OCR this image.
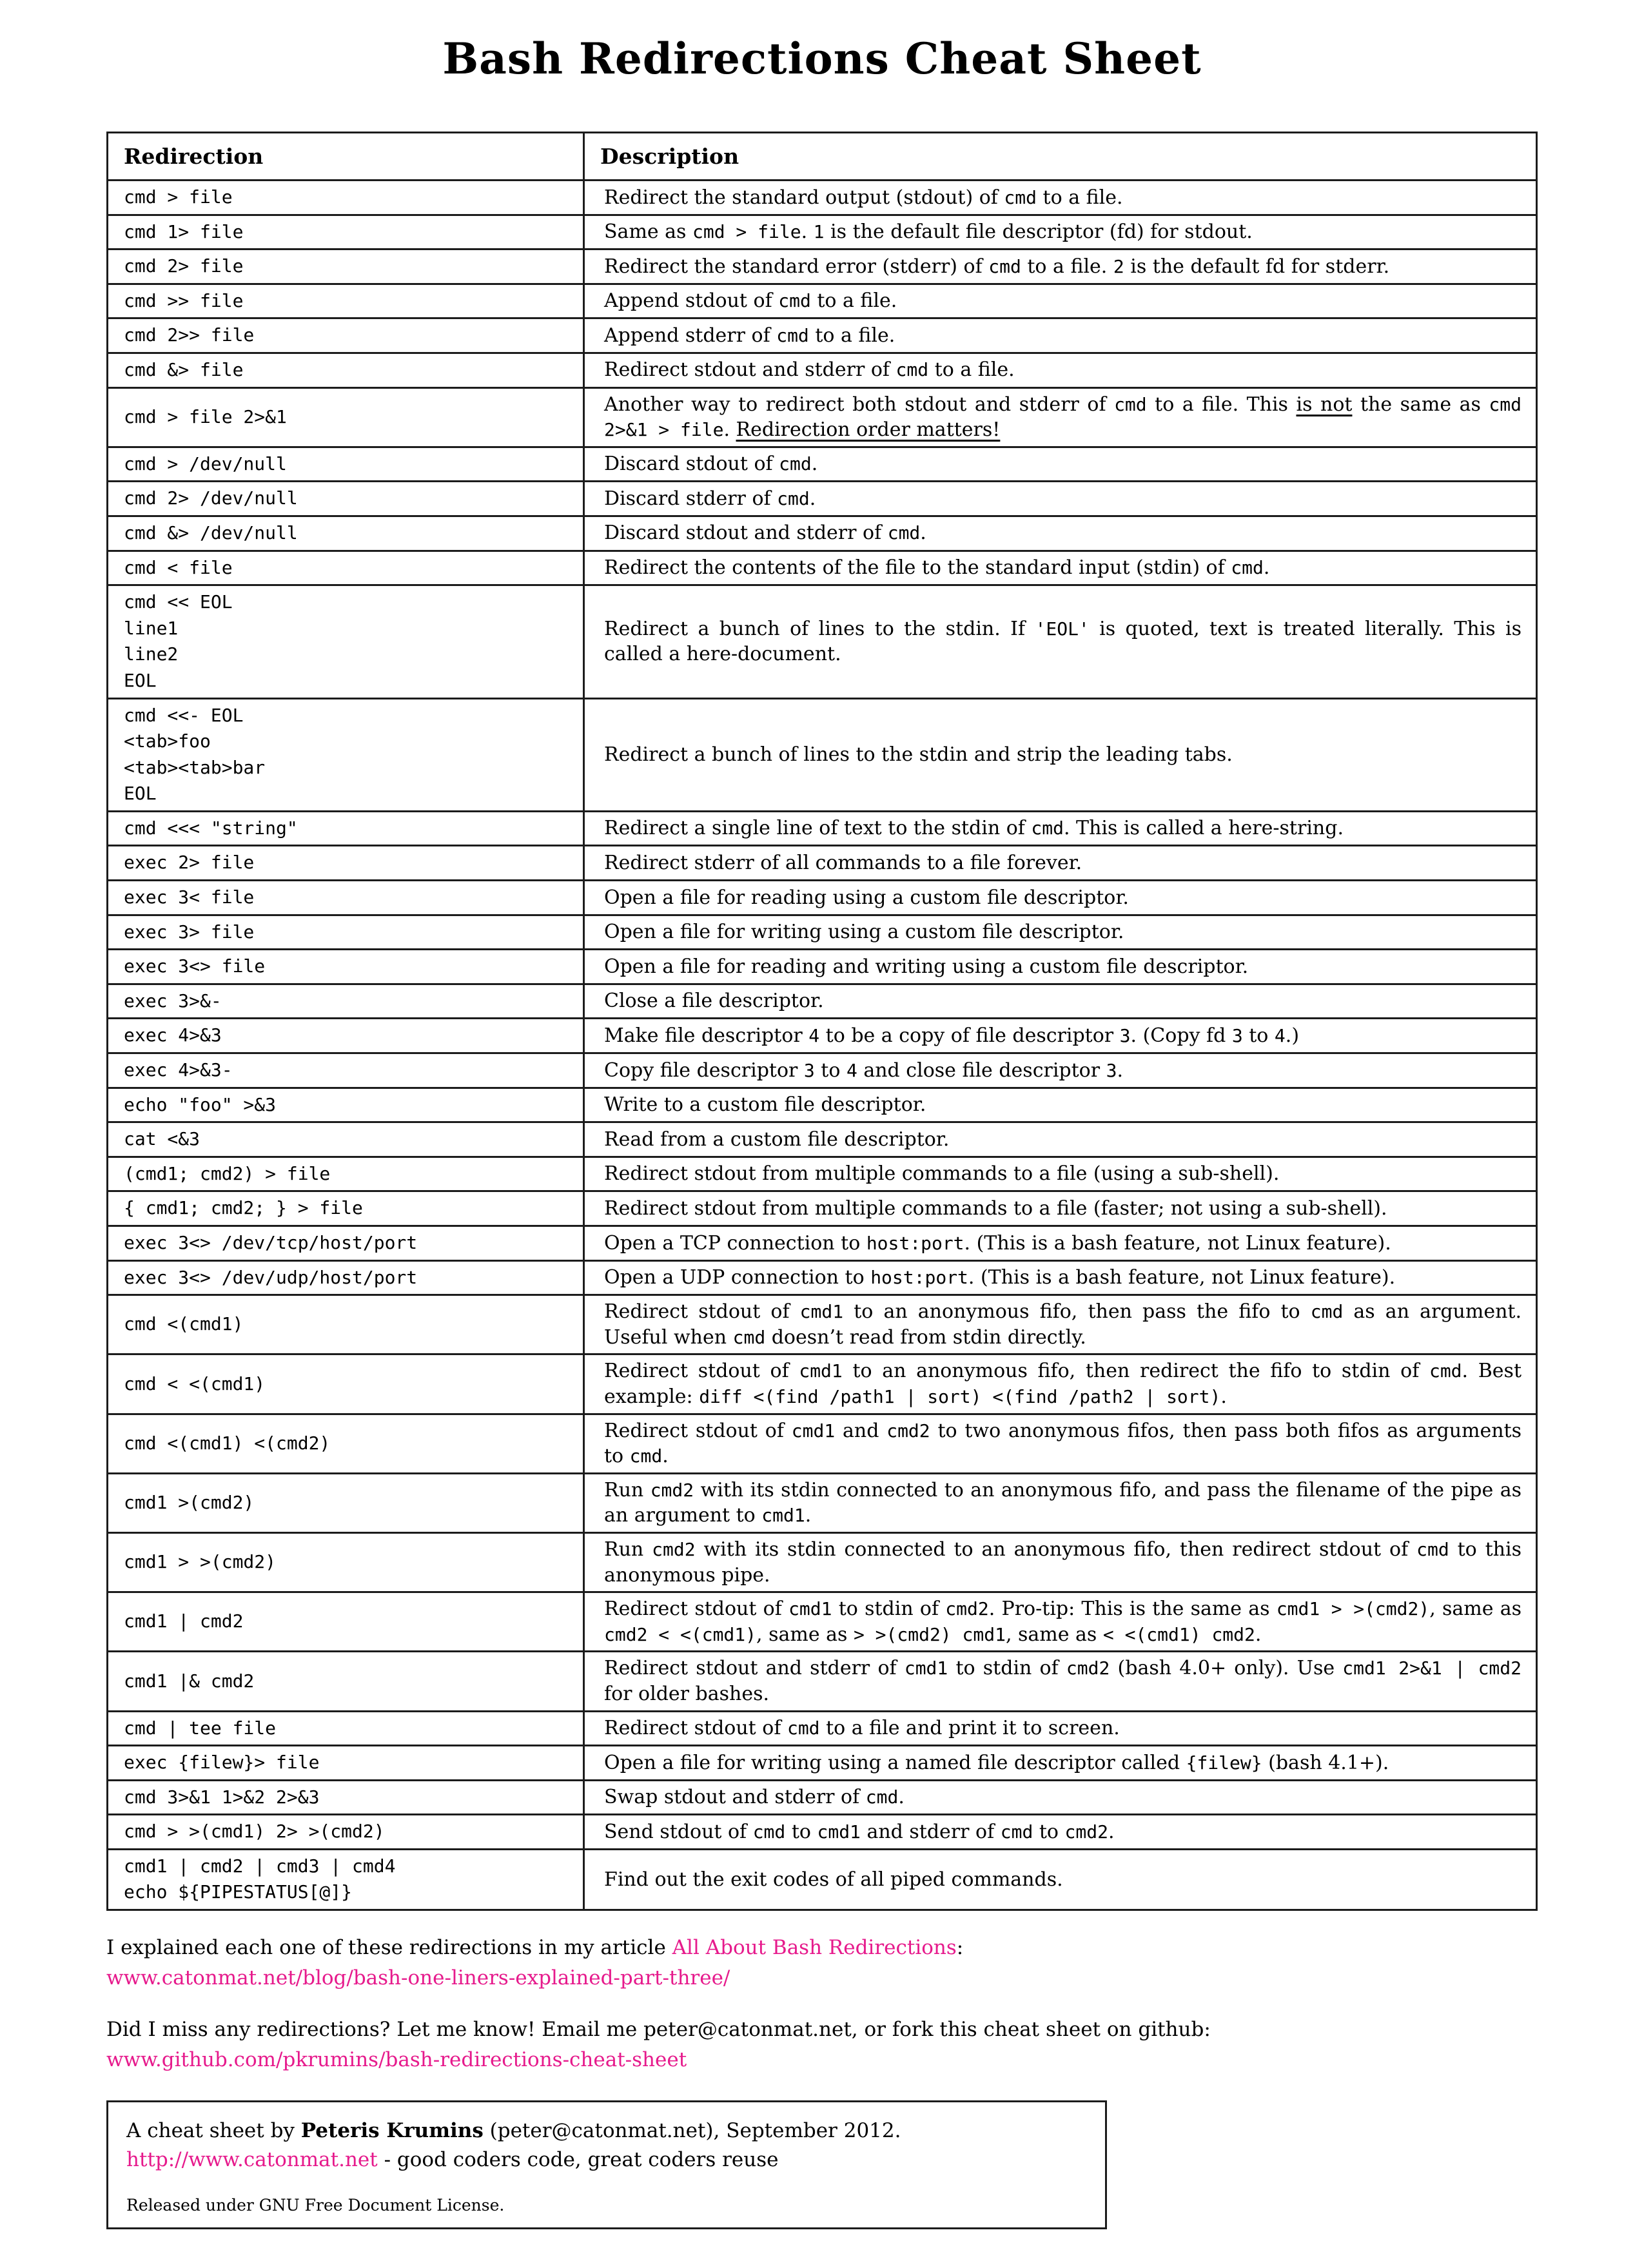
Bash Redirections Cheat Sheet
Redirection	Description

cmd > file	Redirect the standard output (stdout) of cmd to a file.

cmd 1> file	Same as cmd > file. 1 is the default file descriptor (fd) for stdout.

cmd 2> file	Redirect the standard error (stderr) of cmd to a file. 2 is the default fd for stderr.

cmd >> file	Append stdout of cmd to a file.

cmd 2>> file	Append stderr of cmd to a file.

cmd &> file	Redirect stdout and stderr of cmd to a file.

cmd > file 2>&1	Another way to redirect both stdout and stderr of cmd to a file. This is not the same as cmd 2>&1 > file. Redirection order matters!

cmd > /dev/null	Discard stdout of cmd.

cmd 2> /dev/null	Discard stderr of cmd.

cmd &> /dev/null	Discard stdout and stderr of cmd.

cmd < file	Redirect the contents of the file to the standard input (stdin) of cmd.

cmd << EOL
line1
line2
EOL	Redirect a bunch of lines to the stdin. If 'EOL' is quoted, text is treated literally. This is called a here-document.

cmd <<- EOL
<tab>foo
<tab><tab>bar
EOL	Redirect a bunch of lines to the stdin and strip the leading tabs.

cmd <<< "string"	Redirect a single line of text to the stdin of cmd. This is called a here-string.

exec 2> file	Redirect stderr of all commands to a file forever.

exec 3< file	Open a file for reading using a custom file descriptor.

exec 3> file	Open a file for writing using a custom file descriptor.

exec 3<> file	Open a file for reading and writing using a custom file descriptor.

exec 3>&-	Close a file descriptor.

exec 4>&3	Make file descriptor 4 to be a copy of file descriptor 3. (Copy fd 3 to 4.)

exec 4>&3-	Copy file descriptor 3 to 4 and close file descriptor 3.

echo "foo" >&3	Write to a custom file descriptor.

cat <&3	Read from a custom file descriptor.

(cmd1; cmd2) > file	Redirect stdout from multiple commands to a file (using a sub-shell).

{ cmd1; cmd2; } > file	Redirect stdout from multiple commands to a file (faster; not using a sub-shell).

exec 3<> /dev/tcp/host/port	Open a TCP connection to host:port. (This is a bash feature, not Linux feature).

exec 3<> /dev/udp/host/port	Open a UDP connection to host:port. (This is a bash feature, not Linux feature).

cmd <(cmd1)	Redirect stdout of cmd1 to an anonymous fifo, then pass the fifo to cmd as an argument. Useful when cmd doesn’t read from stdin directly.

cmd < <(cmd1)	Redirect stdout of cmd1 to an anonymous fifo, then redirect the fifo to stdin of cmd. Best example: diff <(find /path1 | sort) <(find /path2 | sort).

cmd <(cmd1) <(cmd2)	Redirect stdout of cmd1 and cmd2 to two anonymous fifos, then pass both fifos as arguments to cmd.

cmd1 >(cmd2)	Run cmd2 with its stdin connected to an anonymous fifo, and pass the filename of the pipe as an argument to cmd1.

cmd1 > >(cmd2)	Run cmd2 with its stdin connected to an anonymous fifo, then redirect stdout of cmd to this anonymous pipe.

cmd1 | cmd2	Redirect stdout of cmd1 to stdin of cmd2. Pro-tip: This is the same as cmd1 > >(cmd2), same as cmd2 < <(cmd1), same as > >(cmd2) cmd1, same as < <(cmd1) cmd2.

cmd1 |& cmd2	Redirect stdout and stderr of cmd1 to stdin of cmd2 (bash 4.0+ only). Use cmd1 2>&1 | cmd2 for older bashes.

cmd | tee file	Redirect stdout of cmd to a file and print it to screen.

exec {filew}> file	Open a file for writing using a named file descriptor called {filew} (bash 4.1+).

cmd 3>&1 1>&2 2>&3	Swap stdout and stderr of cmd.

cmd > >(cmd1) 2> >(cmd2)	Send stdout of cmd to cmd1 and stderr of cmd to cmd2.

cmd1 | cmd2 | cmd3 | cmd4
echo ${PIPESTATUS[@]}	Find out the exit codes of all piped commands.

I explained each one of these redirections in my article All About Bash Redirections:
www.catonmat.net/blog/bash-one-liners-explained-part-three/

Did I miss any redirections? Let me know! Email me peter@catonmat.net, or fork this cheat sheet on github:
www.github.com/pkrumins/bash-redirections-cheat-sheet

A cheat sheet by Peteris Krumins (peter@catonmat.net), September 2012.
http://www.catonmat.net - good coders code, great coders reuse
Released under GNU Free Document License.
